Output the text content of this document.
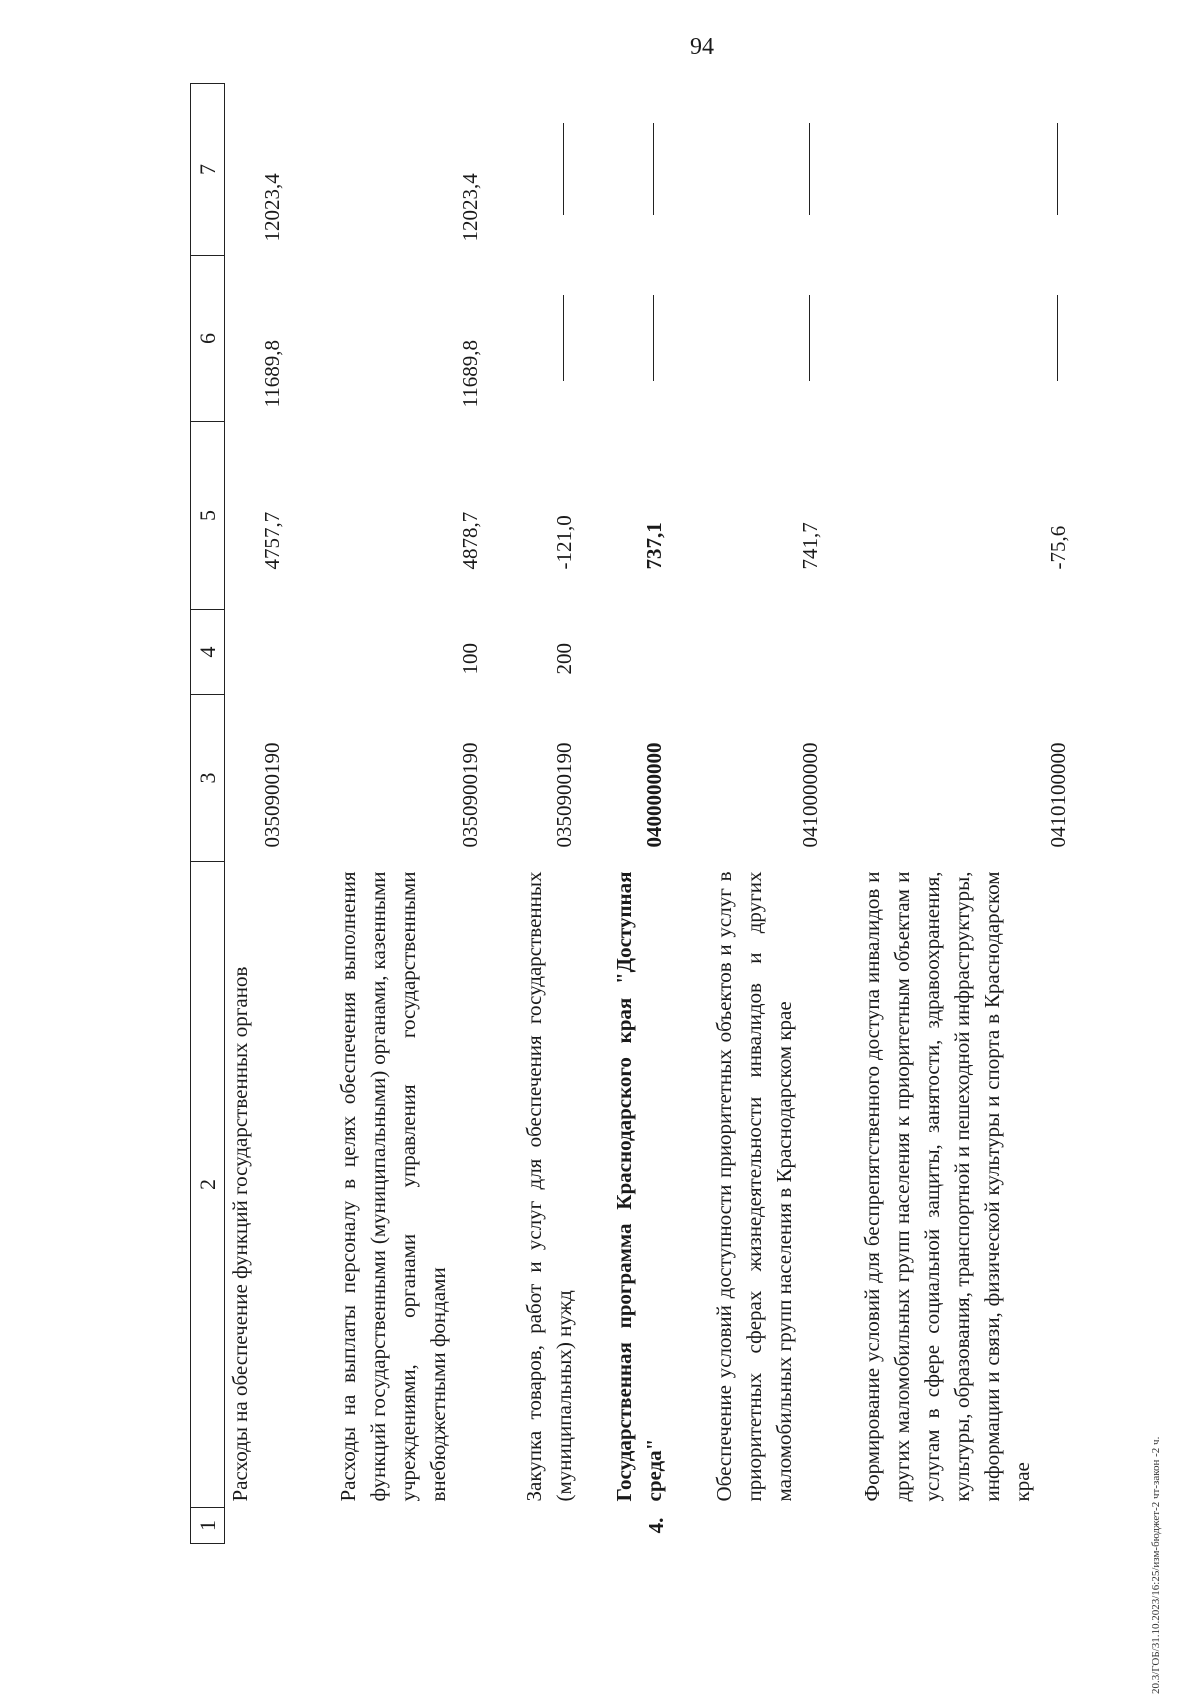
94
1	2	3	4	5	6	7

	Расходы на обеспечение функций государственных органов	0350900190		4757,7	11689,8	12023,4

	Расходы на выплаты персоналу в целях обеспечения выполнения функций государственными (муниципальными) органами, казенными учреждениями, органами управления государственными внебюджетными фондами	0350900190	100	4878,7	11689,8	12023,4

	Закупка товаров, работ и услуг для обеспечения государственных (муниципальных) нужд	0350900190	200	-121,0		

4.	Государственная программа Краснодарского края "Доступная среда"	0400000000		737,1		

	Обеспечение условий доступности приоритетных объектов и услуг в приоритетных сферах жизнедеятельности инвалидов и других маломобильных групп населения в Краснодарском крае	0410000000		741,7		

	Формирование условий для беспрепятственного доступа инвалидов и других маломобильных групп населения к приоритетным объектам и услугам в сфере социальной защиты, занятости, здравоохранения, культуры, образования, транспортной и пешеходной инфраструктуры, информации и связи, физической культуры и спорта в Краснодарском крае	0410100000		-75,6		

20.3/ГОБ/31.10.2023/16:25/изм-бюджет-2 чт-закон -2 ч.
